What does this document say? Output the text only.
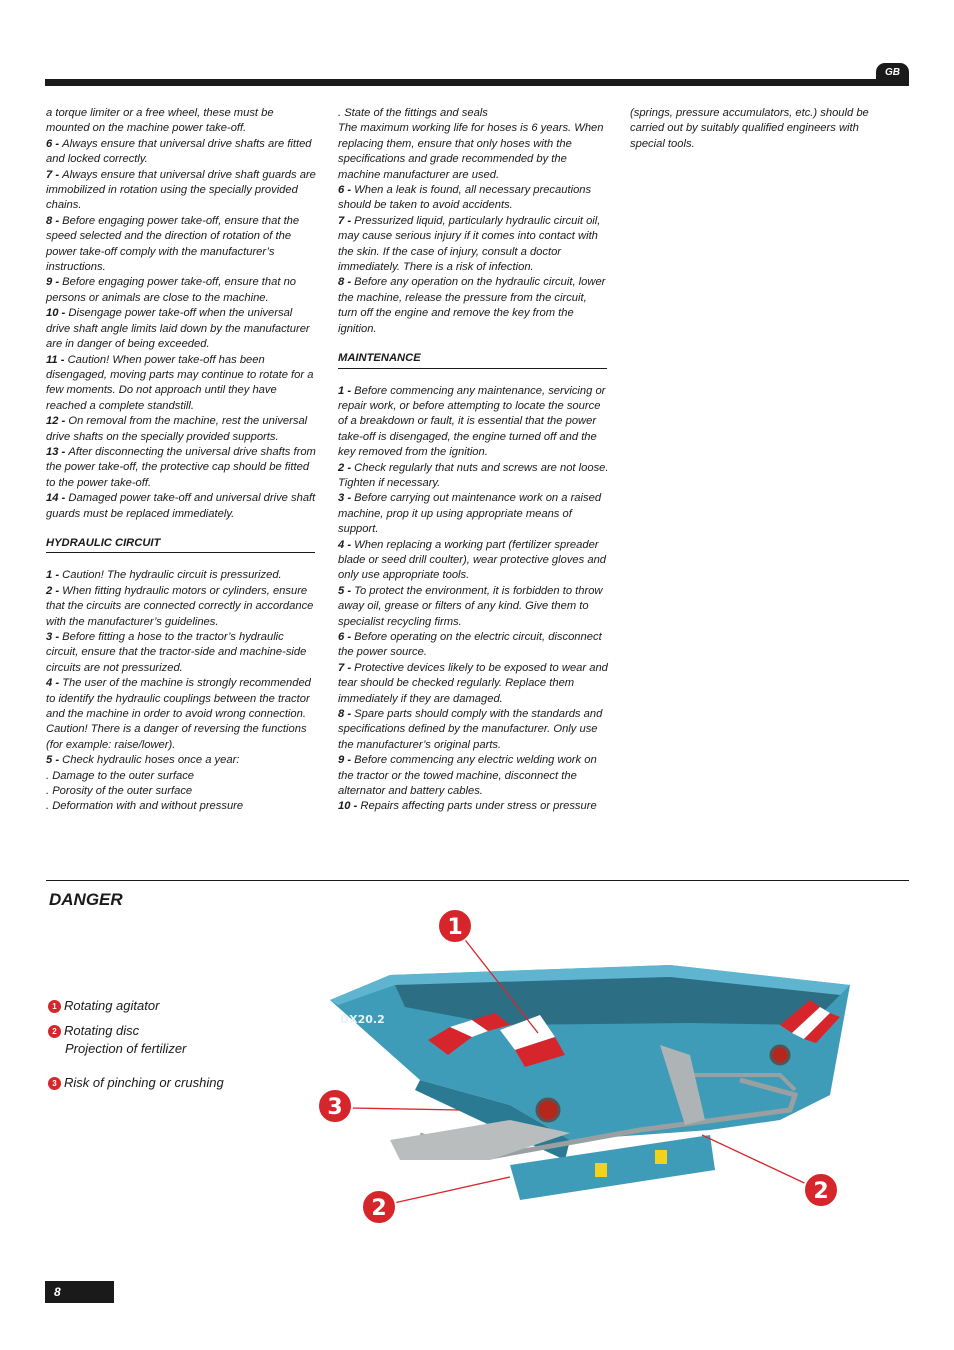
GB

a torque limiter or a free wheel, these must be mounted on the machine power take-off.

6 - Always ensure that universal drive shafts are fitted and locked correctly.

7 - Always ensure that universal drive shaft guards are immobilized in rotation using the specially provided chains.

8 - Before engaging power take-off, ensure that the speed selected and the direction of rotation of the power take-off comply with the manufacturer’s instructions.

9 - Before engaging power take-off, ensure that no persons or animals are close to the machine.

10 - Disengage power take-off when the universal drive shaft angle limits laid down by the manufacturer are in danger of being exceeded.

11 - Caution! When power take-off has been disengaged, moving parts may continue to rotate for a few moments. Do not approach until they have reached a complete standstill.

12 - On removal from the machine, rest the universal drive shafts on the specially provided supports.

13 - After disconnecting the universal drive shafts from the power take-off, the protective cap should be fitted to the power take-off.

14 - Damaged power take-off and universal drive shaft guards must be replaced immediately.

HYDRAULIC CIRCUIT

1 - Caution! The hydraulic circuit is pressurized.

2 - When fitting hydraulic motors or cylinders, ensure that the circuits are connected correctly in accordance with the manufacturer’s guidelines.

3 - Before fitting a hose to the tractor’s hydraulic circuit, ensure that the tractor-side and machine-side circuits are not pressurized.

4 - The user of the machine is strongly recommended to identify the hydraulic couplings between the tractor and the machine in order to avoid wrong connection. Caution! There is a danger of reversing the functions (for example: raise/lower).

5 - Check hydraulic hoses once a year:

. Damage to the outer surface

. Porosity of the outer surface

. Deformation with and without pressure

. State of the fittings and seals

The maximum working life for hoses is 6 years. When replacing them, ensure that only hoses with the specifications and grade recommended by the machine manufacturer are used.

6 - When a leak is found, all necessary precautions should be taken to avoid accidents.

7 - Pressurized liquid, particularly hydraulic circuit oil, may cause serious injury if it comes into contact with the skin. If the case of injury, consult a doctor immediately. There is a risk of infection.

8 - Before any operation on the hydraulic circuit, lower the machine, release the pressure from the circuit, turn off the engine and remove the key from the ignition.

MAINTENANCE

1 - Before commencing any maintenance, servicing or repair work, or before attempting to locate the source of a breakdown or fault, it is essential that the power take-off is disengaged, the engine turned off and the key removed from the ignition.

2 - Check regularly that nuts and screws are not loose. Tighten if necessary.

3 - Before carrying out maintenance work on a raised machine, prop it up using appropriate means of support.

4 - When replacing a working part (fertilizer spreader blade or seed drill coulter), wear protective gloves and only use appropriate tools.

5 - To protect the environment, it is forbidden to throw away oil, grease or filters of any kind. Give them to specialist recycling firms.

6 - Before operating on the electric circuit, disconnect the power source.

7 - Protective devices likely to be exposed to wear and tear should be checked regularly. Replace them immediately if they are damaged.

8 - Spare parts should comply with the standards and specifications defined by the manufacturer. Only use the manufacturer’s original parts.

9 - Before commencing any electric welding work on the tractor or the towed machine, disconnect the alternator and battery cables.

10 - Repairs affecting parts under stress or pressure

(springs, pressure accumulators, etc.) should be carried out by suitably qualified engineers with special tools.

DANGER
1 Rotating agitator
2 Rotating disc
Projection of fertilizer
3 Risk of pinching or crushing
DX20.2
1
3
2
2
8
